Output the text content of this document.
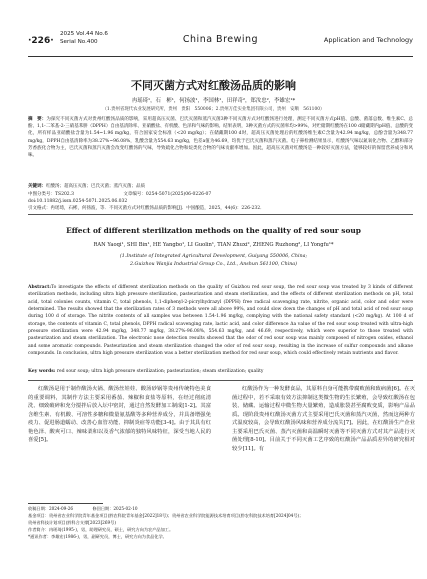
·226·
2025 Vol.44 No.6
Serial No.400	China Brewing	Application and Technology
不同灭菌方式对红酸汤品质的影响
冉瑶琦¹，石　彬¹，何扬波¹，李国林¹，田祥奇²，郑汝忠²，李雄宏¹*
（1.贵州省现代农业发展研究所，贵州　贵阳　550006；2.贵州万佳实业集团有限公司，贵州　安顺　561100）
摘　要：为探究不同灭菌方式对贵州红酸汤品质的影响，采用超高压灭菌、巴氏灭菌和蒸汽灭菌3种不同灭菌方式对红酸汤进行处理，测定不同灭菌方式pH值、总酸、菌落总数、维生素C、总酚、1,1-二苯基-2-三硝基苯肼（DPPH）自由基清除率、亚硝酸盐、有机酸、色泽和气味的影响。结果表明，3种灭菌方式的灭菌率均>99%，对贮储期红酸汤在100 d储藏期内pH值、总酸的变化，所有样品亚硝酸盐含量为1.54~1.96 mg/kg，符合国家安全标准（<20 mg/kg）；在储藏期100 d时，超高压灭菌处理后的红酸汤维生素C含量为42.94 mg/kg，总酚含量为348.77 mg/kg，DPPH自由基清除率为38.27%~96.08%，乳酸含量为554.63 mg/kg，色差a值为46.69，均优于巴氏灭菌和蒸汽灭菌。电子鼻检测结果显示，红酸汤气味以氮氧化合物、乙醇和部分芳香族化合物为主，巴氏灭菌和蒸汽灭菌会改变红酸汤的气味，导致硫化合物和烷类化合物的气味贡献率增加。因此，超高压灭菌对红酸汤是一种较好灭菌方法，能够较好的保留营养成分和风味。
关键词：红酸汤；超高压灭菌；巴氏灭菌；蒸汽灭菌；品质
中图分类号：TS202.3	文章编号：0254-5071(2025)06-0226-07
doi:10.11882/j.issn.0254-5071.2025.06.032
引文格式：冉瑶琦，石彬，何扬波，等．不同灭菌方式对红酸汤品质的影响[J]．中国酿造，2025，44(6)：226-232．
Effect of different sterilization methods on the quality of red sour soup
RAN Yaoqi¹, SHI Bin¹, HE Yangbo¹, LI Guolin¹, TIAN Zhuxi², ZHENG Ruzhong², LI Yongfu¹*
(1.Institute of Integrated Agricultural Development, Guiyang 550006, China;
2.Guizhou Wanjia Industrial Group Co., Ltd., Anshun 561100, China)
Abstract:To investigate the effects of different sterilization methods on the quality of Guizhou red sour soup, the red sour soup was treated by 3 kinds of different sterilization methods, including ultra high pressure sterilization, pasteurization and steam sterilization, and the effects of different sterilization methods on pH, total acid, total colonies counts, vitamin C, total phenols, 1,1-diphenyl-2-picrylhydrazyl (DPPH) free radical scavenging rate, nitrite, organic acid, color and odor were determined. The results showed that the sterilization rates of 3 methods were all above 99%, and could slow down the changes of pH and total acid of red sour soup during 100 d of storage. The nitrite contents of all samples was between 1.54-1.96 mg/kg, complying with the national safety standard (<20 mg/kg). At 100 d of storage, the contents of vitamin C, total phenols, DPPH radical scavenging rate, lactic acid, and color difference Δa value of the red sour soup treated with ultra-high pressure sterilization were 42.94 mg/kg, 348.77 mg/kg, 38.27%-96.08%, 554.63 mg/kg, and 46.69, respectively, which were superior to those treated with pasteurization and steam sterilization. The electronic nose detection results showed that the odor of red sour soup was mainly composed of nitrogen oxides, ethanol and some aromatic compounds. Pasteurization and steam sterilization changed the odor of red sour soup, resulting in the increase of sulfur compounds and alkane compounds. In conclusion, ultra high pressure sterilization was a better sterilization method for red sour soup, which could effectively retain nutrients and flavor.
Key words: red sour soup; ultra high pressure sterilization; pasteurization; steam sterilization; quality
红酸汤是用于制作酸汤火锅、酸汤丝娃娃、酸汤砂锅等贵州传统特色美食的重要调料，其制作方法主要采用番茄、辣椒和食盐等原料，在经过削底清洗、细致破碎和充分搅拌后放入坛中密封，通过自然发酵加工制成[1-2]。其富含维生素、有机酸、可溶性多糖和微量氨基酸等多种营养成分，并具备增强免疫力、促进肠道蠕动、改善心血管功能、抑制炎症等功能[3-4]。由于其具有红艳色泽、酸爽可口、辣味柔和以及香气浓郁的独特风味特征，深受当地人民的喜爱[5]。
红酸汤作为一种发酵食品，其原料自身可能携带腐败菌和致病菌[6]。在灭菌过程中，若不采取有效方法抑制这类微生物的生长繁殖，会导致红酸汤在包装、储藏、运输过程中微生物大量繁殖，造成胀袋甚至腐败变质，影响产品品质。现阶段贵州红酸汤灭菌方式主要采用巴氏灭菌和蒸汽灭菌，然而这两种方式温度较高，会导致红酸汤风味和营养成分流失[7]。因此，在红酸汤生产企业主要采用巴氏灭菌、蒸汽灭菌和高温瞬时灭菌等不同灭菌方式对其产品进行灭菌处理[8-10]。目前关于不同灭菌工艺序致的红酸汤产品品质差异的研究相对较少[11]。有
收稿日期：2024-09-26	修回日期：2025-02-10
基金项目：贵州省农业科学院青年基金项目(黔农科院青年基金[2022]18号)；贵州省农业科学院能源技术培育项目(黔农科院技术培育[2024]04号)；贵州省科技计划项目(黔科合支撑[2023]269号)
作者简介：冉瑶琦(1995-)，男，助理研究员，硕士，研究方向为农产品加工。
*通讯作者：李雄宏(1986-)，男，副研究员，博士，研究方向为食品化学。
